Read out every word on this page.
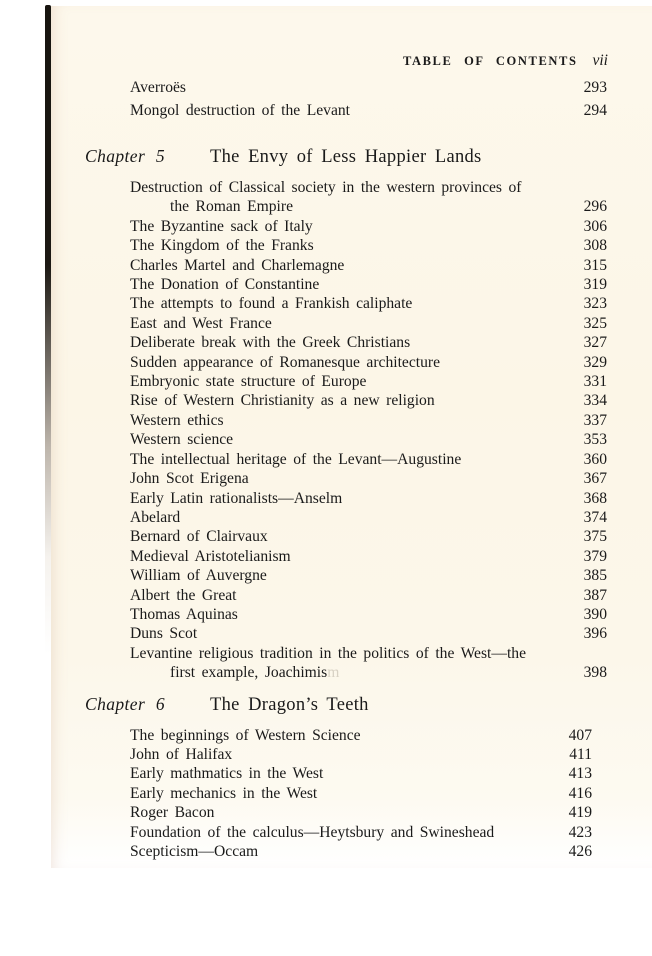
TABLE OF CONTENTS vii
Averroës	293
Mongol destruction of the Levant	294
Chapter 5	The Envy of Less Happier Lands
Destruction of Classical society in the western provinces of
the Roman Empire	296
The Byzantine sack of Italy	306
The Kingdom of the Franks	308
Charles Martel and Charlemagne	315
The Donation of Constantine	319
The attempts to found a Frankish caliphate	323
East and West France	325
Deliberate break with the Greek Christians	327
Sudden appearance of Romanesque architecture	329
Embryonic state structure of Europe	331
Rise of Western Christianity as a new religion	334
Western ethics	337
Western science	353
The intellectual heritage of the Levant—Augustine	360
John Scot Erigena	367
Early Latin rationalists—Anselm	368
Abelard	374
Bernard of Clairvaux	375
Medieval Aristotelianism	379
William of Auvergne	385
Albert the Great	387
Thomas Aquinas	390
Duns Scot	396
Levantine religious tradition in the politics of the West—the
first example, Joachimism	398
Chapter 6	The Dragon’s Teeth
The beginnings of Western Science	407
John of Halifax	411
Early mathmatics in the West	413
Early mechanics in the West	416
Roger Bacon	419
Foundation of the calculus—Heytsbury and Swineshead	423
Scepticism—Occam	426
